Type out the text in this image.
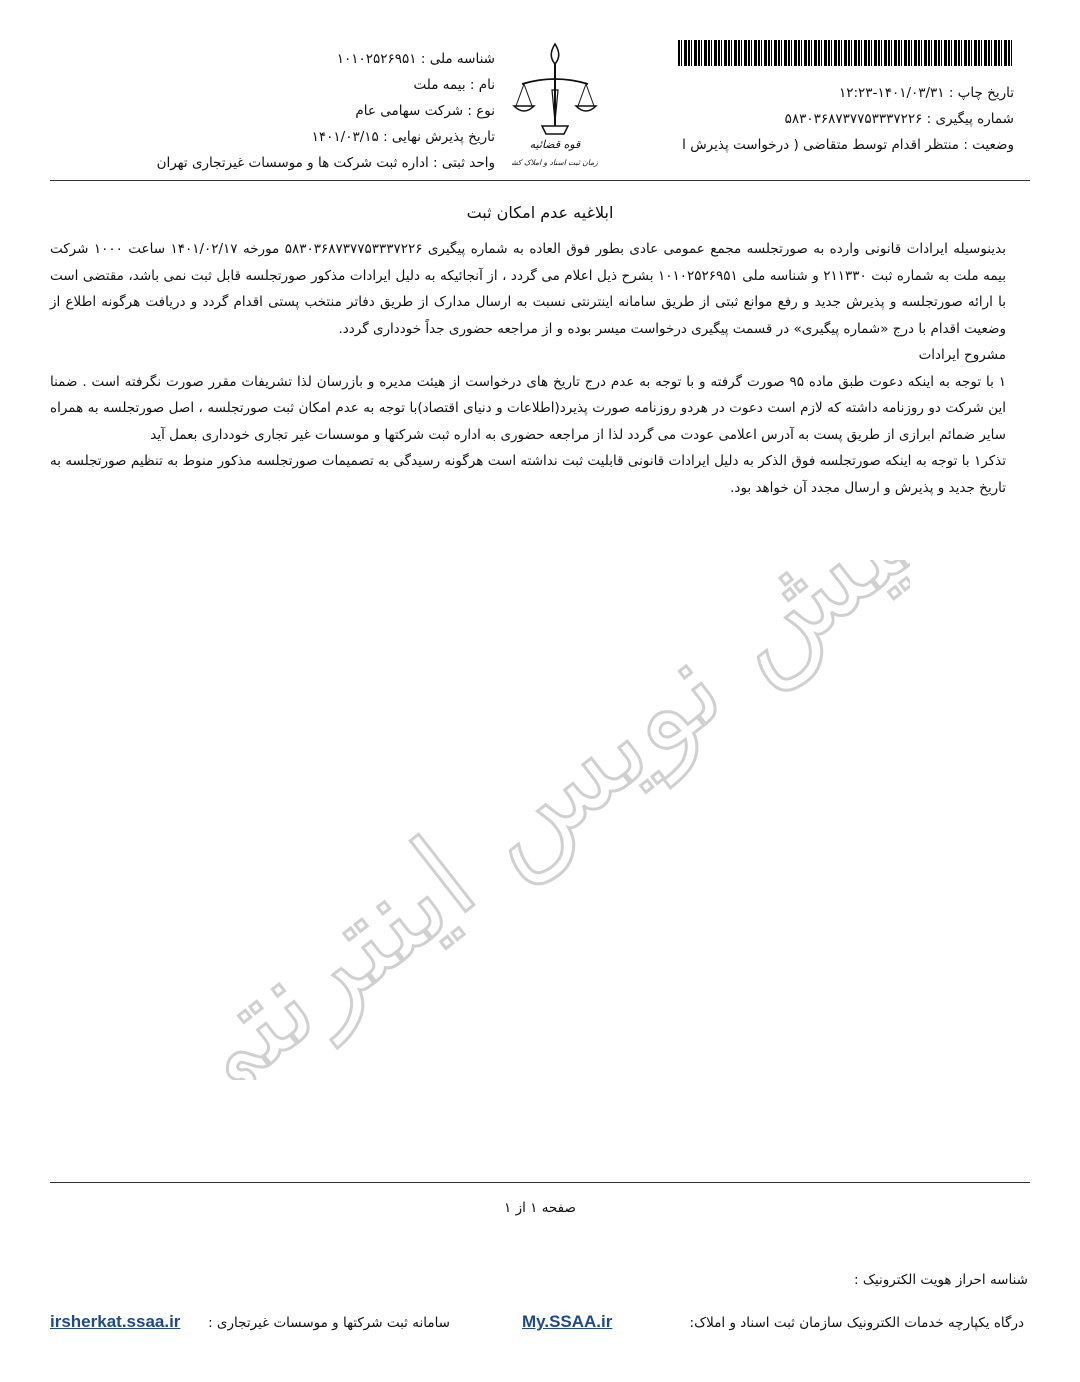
شناسه ملی : ۱۰۱۰۲۵۲۶۹۵۱
نام : بیمه ملت
نوع : شرکت سهامی عام
تاریخ پذیرش نهایی : ۱۴۰۱/۰۳/۱۵
واحد ثبتی : اداره ثبت شرکت ها و موسسات غیرتجاری تهران
قوه قضائیه
زمان ثبت اسناد و املاک کش
تاریخ چاپ : ۱۴۰۱/۰۳/۳۱-۱۲:۲۳
شماره پیگیری : ۵۸۳۰۳۶۸۷۳۷۷۵۳۳۳۷۲۲۶
وضعیت : منتظر اقدام توسط متقاضی ( درخواست پذیرش ا
ابلاغیه عدم امکان ثبت

بدینوسیله ایرادات قانونی وارده به صورتجلسه مجمع عمومی عادی بطور فوق العاده به شماره پیگیری ۵۸۳۰۳۶۸۷۳۷۷۵۳۳۳۷۲۲۶ مورخه ۱۴۰۱/۰۲/۱۷ ساعت ۱۰۰۰ شرکت بیمه ملت به شماره ثبت ۲۱۱۳۳۰ و شناسه ملی ۱۰۱۰۲۵۲۶۹۵۱ بشرح ذیل اعلام می گردد ، از آنجائیکه به دلیل ایرادات مذکور صورتجلسه قابل ثبت نمی باشد، مقتضی است با ارائه صورتجلسه و پذیرش جدید و رفع موانع ثبتی از طریق سامانه اینترنتی نسبت به ارسال مدارک از طریق دفاتر منتخب پستی اقدام گردد و دریافت هرگونه اطلاع از وضعیت اقدام با درج «شماره پیگیری» در قسمت پیگیری درخواست میسر بوده و از مراجعه حضوری جداً خودداری گردد.

مشروح ایرادات

۱ با توجه به اینکه دعوت طبق ماده ۹۵ صورت گرفته و با توجه به عدم درج تاریخ های درخواست از هیئت مدیره و بازرسان لذا تشریفات مقرر صورت نگرفته است . ضمنا این شرکت دو روزنامه داشته که لازم است دعوت در هردو روزنامه صورت پذیرد(اطلاعات و دنیای اقتصاد)با توجه به عدم امکان ثبت صورتجلسه ، اصل صورتجلسه به همراه سایر ضمائم ابرازی از طریق پست به آدرس اعلامی عودت می گردد لذا از مراجعه حضوری به اداره ثبت شرکتها و موسسات غیر تجاری خودداری بعمل آید

تذکر۱ با توجه به اینکه صورتجلسه فوق الذکر به دلیل ایرادات قانونی قابلیت ثبت نداشته است هرگونه رسیدگی به تصمیمات صورتجلسه مذکور منوط به تنظیم صورتجلسه به تاریخ جدید و پذیرش و ارسال مجدد آن خواهد بود.

پیش نویس اینترنتی
صفحه ۱ از ۱
شناسه احراز هویت الکترونیک :
درگاه یکپارچه خدمات الکترونیک سازمان ثبت اسناد و املاک:
My.SSAA.ir
سامانه ثبت شرکتها و موسسات غیرتجاری :
irsherkat.ssaa.ir
